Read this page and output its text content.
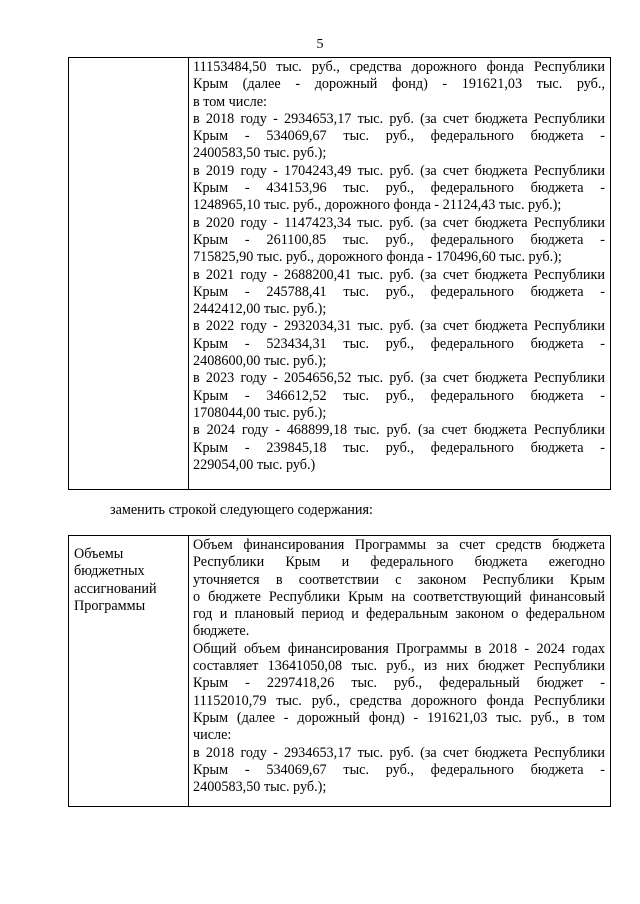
5

11153484,50 тыс. руб., средства дорожного фонда Республики
Крым (далее - дорожный фонд) - 191621,03 тыс. руб.,
в том числе:
в 2018 году - 2934653,17 тыс. руб. (за счет бюджета Республики
Крым - 534069,67 тыс. руб., федерального бюджета -
2400583,50 тыс. руб.);
в 2019 году - 1704243,49 тыс. руб. (за счет бюджета Республики
Крым - 434153,96 тыс. руб., федерального бюджета -
1248965,10 тыс. руб., дорожного фонда - 21124,43 тыс. руб.);
в 2020 году - 1147423,34 тыс. руб. (за счет бюджета Республики
Крым - 261100,85 тыс. руб., федерального бюджета -
715825,90 тыс. руб., дорожного фонда - 170496,60 тыс. руб.);
в 2021 году - 2688200,41 тыс. руб. (за счет бюджета Республики
Крым - 245788,41 тыс. руб., федерального бюджета -
2442412,00 тыс. руб.);
в 2022 году - 2932034,31 тыс. руб. (за счет бюджета Республики
Крым - 523434,31 тыс. руб., федерального бюджета -
2408600,00 тыс. руб.);
в 2023 году - 2054656,52 тыс. руб. (за счет бюджета Республики
Крым - 346612,52 тыс. руб., федерального бюджета -
1708044,00 тыс. руб.);
в 2024 году - 468899,18 тыс. руб. (за счет бюджета Республики
Крым - 239845,18 тыс. руб., федерального бюджета -
229054,00 тыс. руб.)
заменить строкой следующего содержания:
Объемы
бюджетных
ассигнований
Программы

Объем финансирования Программы за счет средств бюджета
Республики Крым и федерального бюджета ежегодно
уточняется в соответствии с законом Республики Крым
о бюджете Республики Крым на соответствующий финансовый
год и плановый период и федеральным законом о федеральном
бюджете.
Общий объем финансирования Программы в 2018 - 2024 годах
составляет 13641050,08 тыс. руб., из них бюджет Республики
Крым - 2297418,26 тыс. руб., федеральный бюджет -
11152010,79 тыс. руб., средства дорожного фонда Республики
Крым (далее - дорожный фонд) - 191621,03 тыс. руб., в том
числе:
в 2018 году - 2934653,17 тыс. руб. (за счет бюджета Республики
Крым - 534069,67 тыс. руб., федерального бюджета -
2400583,50 тыс. руб.);
